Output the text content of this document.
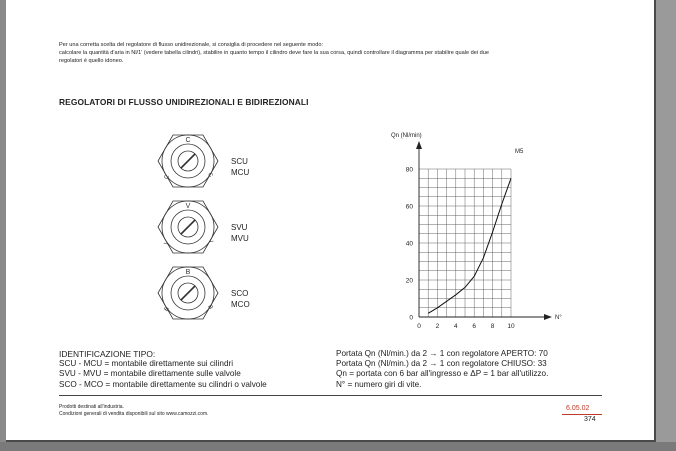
Per una corretta scelta del regolatore di flusso unidirezionale, si consiglia di procedere nel seguente modo:
calcolare la quantità d'aria in Nl/1' (vedere tabella cilindri), stabilire in quanto tempo il cilindro deve fare la sua corsa, quindi controllare il diagramma per stabilire quale dei due
regolatori è quello idoneo.
REGOLATORI DI FLUSSO UNIDIREZIONALI E BIDIREZIONALI
C
C	C
V
V	V
B
B	B
SCU
MCU
SVU
MVU
SCO
MCO
0 2 4 6 8 10
0
20
40
60
80
Qn (Nl/min)
N°
M5
IDENTIFICAZIONE TIPO:
SCU - MCU = montabile direttamente sui cilindri
SVU - MVU = montabile direttamente sulle valvole
SCO - MCO = montabile direttamente su cilindri o valvole
Portata Qn (Nl/min.) da 2 → 1 con regolatore APERTO: 70
Portata Qn (Nl/min.) da 2 → 1 con regolatore CHIUSO: 33
Qn = portata con 6 bar all'ingresso e ΔP = 1 bar all'utilizzo.
N° = numero giri di vite.
Prodotti destinati all'industria.
Condizioni generali di vendita disponibili sul sito www.camozzi.com.
6.05.02
374
